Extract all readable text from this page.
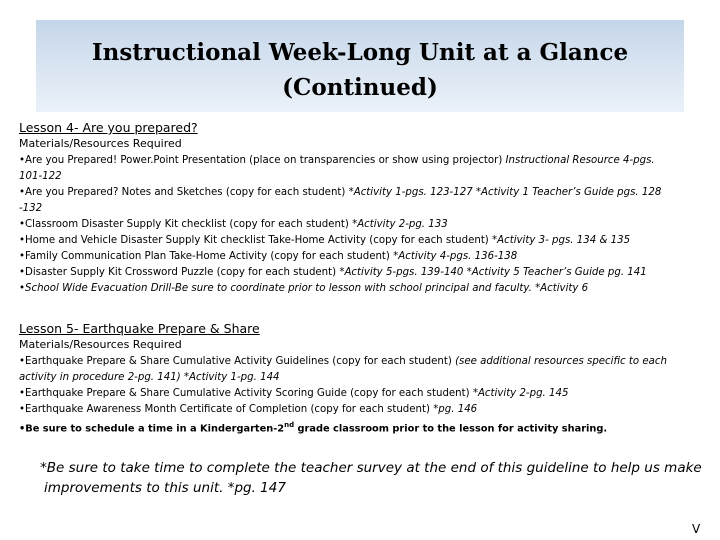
Instructional Week-Long Unit at a Glance
(Continued)
Lesson 4- Are you prepared?
Materials/Resources Required
•Are you Prepared! Power.Point Presentation (place on transparencies or show using projector) Instructional Resource 4-pgs.
101-122
•Are you Prepared? Notes and Sketches (copy for each student) *Activity 1-pgs. 123-127 *Activity 1 Teacher’s Guide pgs. 128
-132
•Classroom Disaster Supply Kit checklist (copy for each student) *Activity 2-pg. 133
•Home and Vehicle Disaster Supply Kit checklist Take-Home Activity (copy for each student) *Activity 3- pgs. 134 & 135
•Family Communication Plan Take-Home Activity (copy for each student) *Activity 4-pgs. 136-138
•Disaster Supply Kit Crossword Puzzle (copy for each student) *Activity 5-pgs. 139-140 *Activity 5 Teacher’s Guide pg. 141
•School Wide Evacuation Drill-Be sure to coordinate prior to lesson with school principal and faculty. *Activity 6
Lesson 5- Earthquake Prepare & Share
Materials/Resources Required
•Earthquake Prepare & Share Cumulative Activity Guidelines (copy for each student) (see additional resources specific to each
activity in procedure 2-pg. 141) *Activity 1-pg. 144
•Earthquake Prepare & Share Cumulative Activity Scoring Guide (copy for each student) *Activity 2-pg. 145
•Earthquake Awareness Month Certificate of Completion (copy for each student) *pg. 146
•Be sure to schedule a time in a Kindergarten-2nd grade classroom prior to the lesson for activity sharing.
*Be sure to take time to complete the teacher survey at the end of this guideline to help us make
improvements to this unit. *pg. 147
V
